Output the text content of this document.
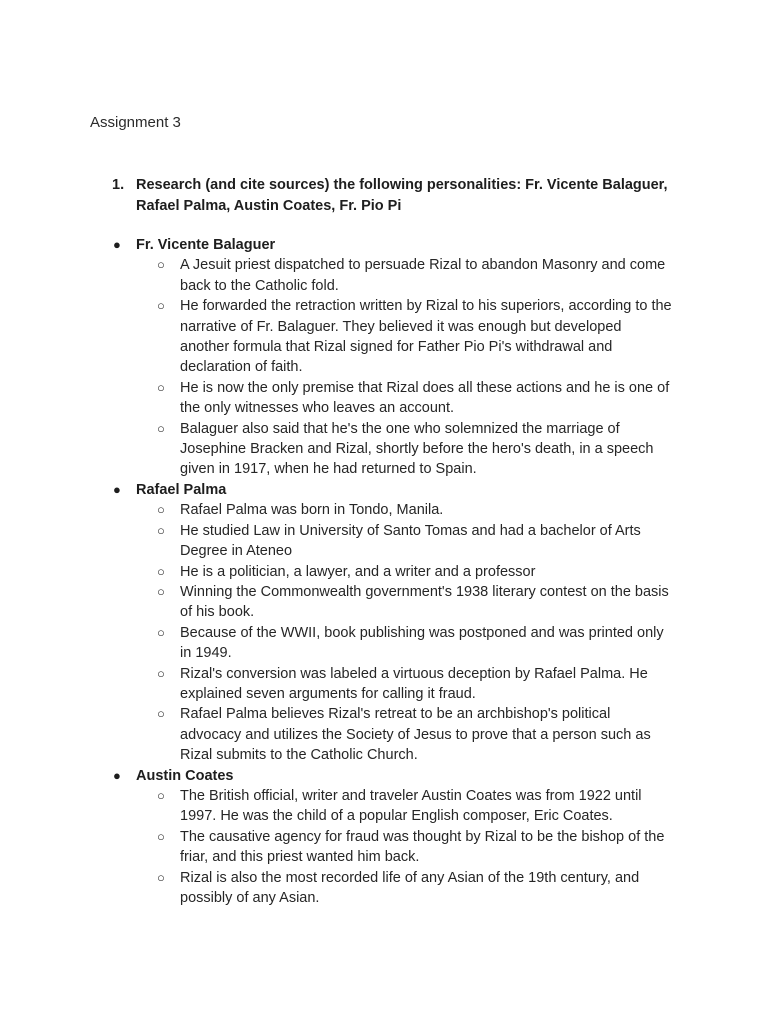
Assignment 3
1. Research (and cite sources) the following personalities: Fr. Vicente Balaguer, Rafael Palma, Austin Coates, Fr. Pio Pi
● Fr. Vicente Balaguer
○ A Jesuit priest dispatched to persuade Rizal to abandon Masonry and come back to the Catholic fold.
○ He forwarded the retraction written by Rizal to his superiors, according to the narrative of Fr. Balaguer. They believed it was enough but developed another formula that Rizal signed for Father Pio Pi's withdrawal and declaration of faith.
○ He is now the only premise that Rizal does all these actions and he is one of the only witnesses who leaves an account.
○ Balaguer also said that he's the one who solemnized the marriage of Josephine Bracken and Rizal, shortly before the hero's death, in a speech given in 1917, when he had returned to Spain.
● Rafael Palma
○ Rafael Palma was born in Tondo, Manila.
○ He studied Law in University of Santo Tomas and had a bachelor of Arts Degree in Ateneo
○ He is a politician, a lawyer, and a writer and a professor
○ Winning the Commonwealth government's 1938 literary contest on the basis of his book.
○ Because of the WWII, book publishing was postponed and was printed only in 1949.
○ Rizal's conversion was labeled a virtuous deception by Rafael Palma. He explained seven arguments for calling it fraud.
○ Rafael Palma believes Rizal's retreat to be an archbishop's political advocacy and utilizes the Society of Jesus to prove that a person such as Rizal submits to the Catholic Church.
● Austin Coates
○ The British official, writer and traveler Austin Coates was from 1922 until 1997. He was the child of a popular English composer, Eric Coates.
○ The causative agency for fraud was thought by Rizal to be the bishop of the friar, and this priest wanted him back.
○ Rizal is also the most recorded life of any Asian of the 19th century, and possibly of any Asian.
